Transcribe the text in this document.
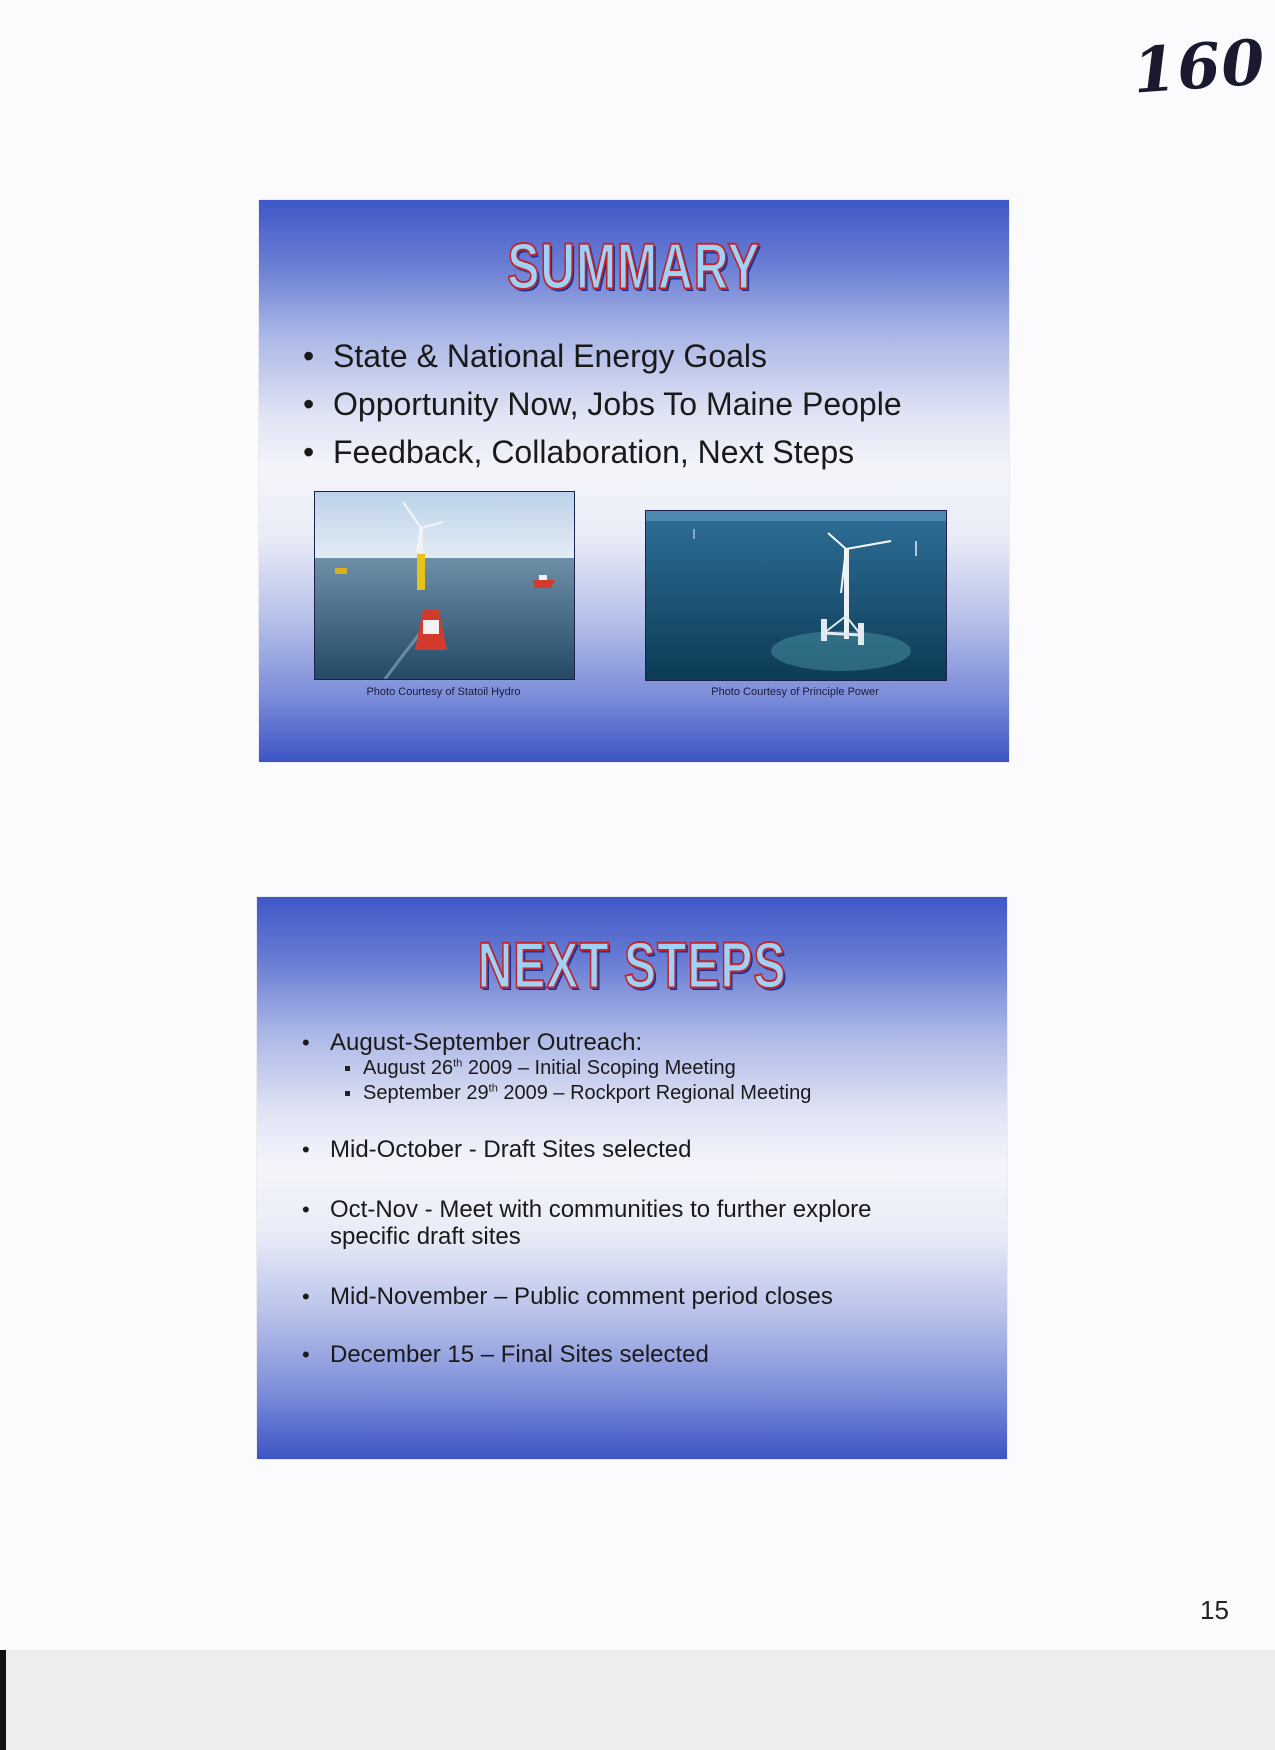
160
SUMMARY
• State & National Energy Goals
• Opportunity Now, Jobs To Maine People
• Feedback, Collaboration, Next Steps
Photo Courtesy of Statoil Hydro	Photo Courtesy of Principle Power
NEXT STEPS
• August-September Outreach:
August 26th 2009 – Initial Scoping Meeting
September 29th 2009 – Rockport Regional Meeting
• Mid-October - Draft Sites selected
• Oct-Nov - Meet with communities to further explore specific draft sites
• Mid-November – Public comment period closes
• December 15 – Final Sites selected
15
